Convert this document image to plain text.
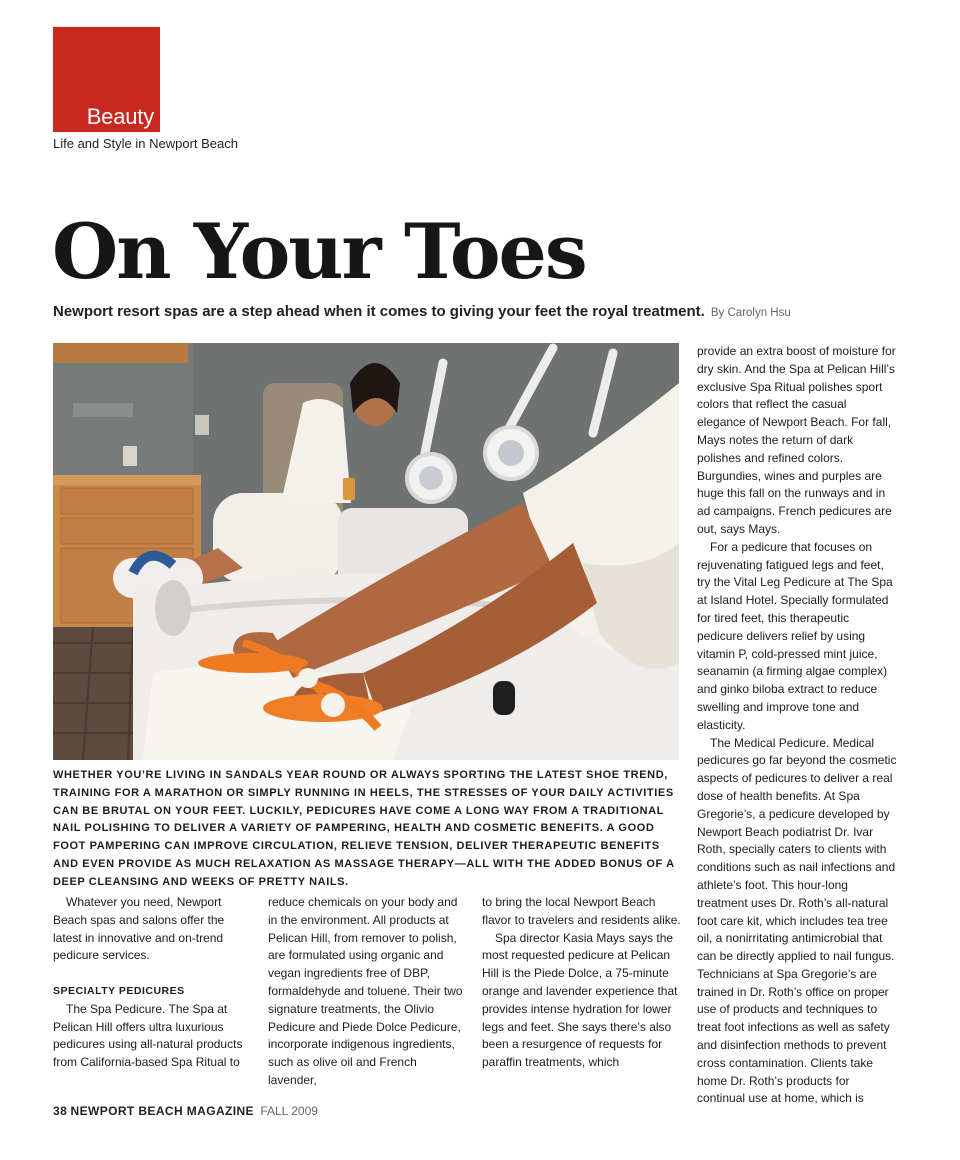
Beauty
Life and Style in Newport Beach
On Your Toes
Newport resort spas are a step ahead when it comes to giving your feet the royal treatment. By Carolyn Hsu

WHETHER YOU’RE LIVING IN SANDALS YEAR ROUND OR ALWAYS SPORTING THE LATEST SHOE TREND, TRAINING FOR A MARATHON OR SIMPLY RUNNING IN HEELS, THE STRESSES OF YOUR DAILY ACTIVITIES CAN BE BRUTAL ON YOUR FEET. LUCKILY, PEDICURES HAVE COME A LONG WAY FROM A TRADITIONAL NAIL POLISHING TO DELIVER A VARIETY OF PAMPERING, HEALTH AND COSMETIC BENEFITS. A GOOD FOOT PAMPERING CAN IMPROVE CIRCULATION, RELIEVE TENSION, DELIVER THERAPEUTIC BENEFITS AND EVEN PROVIDE AS MUCH RELAXATION AS MASSAGE THERAPY—ALL WITH THE ADDED BONUS OF A DEEP CLEANSING AND WEEKS OF PRETTY NAILS.

Whatever you need, Newport Beach spas and salons offer the latest in innovative and on-trend pedicure services.

SPECIALTY PEDICURES

The Spa Pedicure. The Spa at Pelican Hill offers ultra luxurious pedicures using all-natural products from California-based Spa Ritual to

reduce chemicals on your body and in the environment. All products at Pelican Hill, from remover to polish, are formulated using organic and vegan ingredients free of DBP, formaldehyde and toluene. Their two signature treatments, the Olivio Pedicure and Piede Dolce Pedicure, incorporate indigenous ingredients, such as olive oil and French lavender,

to bring the local Newport Beach flavor to travelers and residents alike.

Spa director Kasia Mays says the most requested pedicure at Pelican Hill is the Piede Dolce, a 75-minute orange and lavender experience that provides intense hydration for lower legs and feet. She says there’s also been a resurgence of requests for paraffin treatments, which

provide an extra boost of moisture for dry skin. And the Spa at Pelican Hill’s exclusive Spa Ritual polishes sport colors that reflect the casual elegance of Newport Beach. For fall, Mays notes the return of dark polishes and refined colors. Burgundies, wines and purples are huge this fall on the runways and in ad campaigns. French pedicures are out, says Mays.

For a pedicure that focuses on rejuvenating fatigued legs and feet, try the Vital Leg Pedicure at The Spa at Island Hotel. Specially formulated for tired feet, this therapeutic pedicure delivers relief by using vitamin P, cold-pressed mint juice, seanamin (a firming algae complex) and ginko biloba extract to reduce swelling and improve tone and elasticity.

The Medical Pedicure. Medical pedicures go far beyond the cosmetic aspects of pedicures to deliver a real dose of health benefits. At Spa Gregorie’s, a pedicure developed by Newport Beach podiatrist Dr. Ivar Roth, specially caters to clients with conditions such as nail infections and athlete’s foot. This hour-long treatment uses Dr. Roth’s all-natural foot care kit, which includes tea tree oil, a nonirritating antimicrobial that can be directly applied to nail fungus. Technicians at Spa Gregorie’s are trained in Dr. Roth’s office on proper use of products and techniques to treat foot infections as well as safety and disinfection methods to prevent cross contamination. Clients take home Dr. Roth’s products for continual use at home, which is

38 NEWPORT BEACH MAGAZINE FALL 2009
